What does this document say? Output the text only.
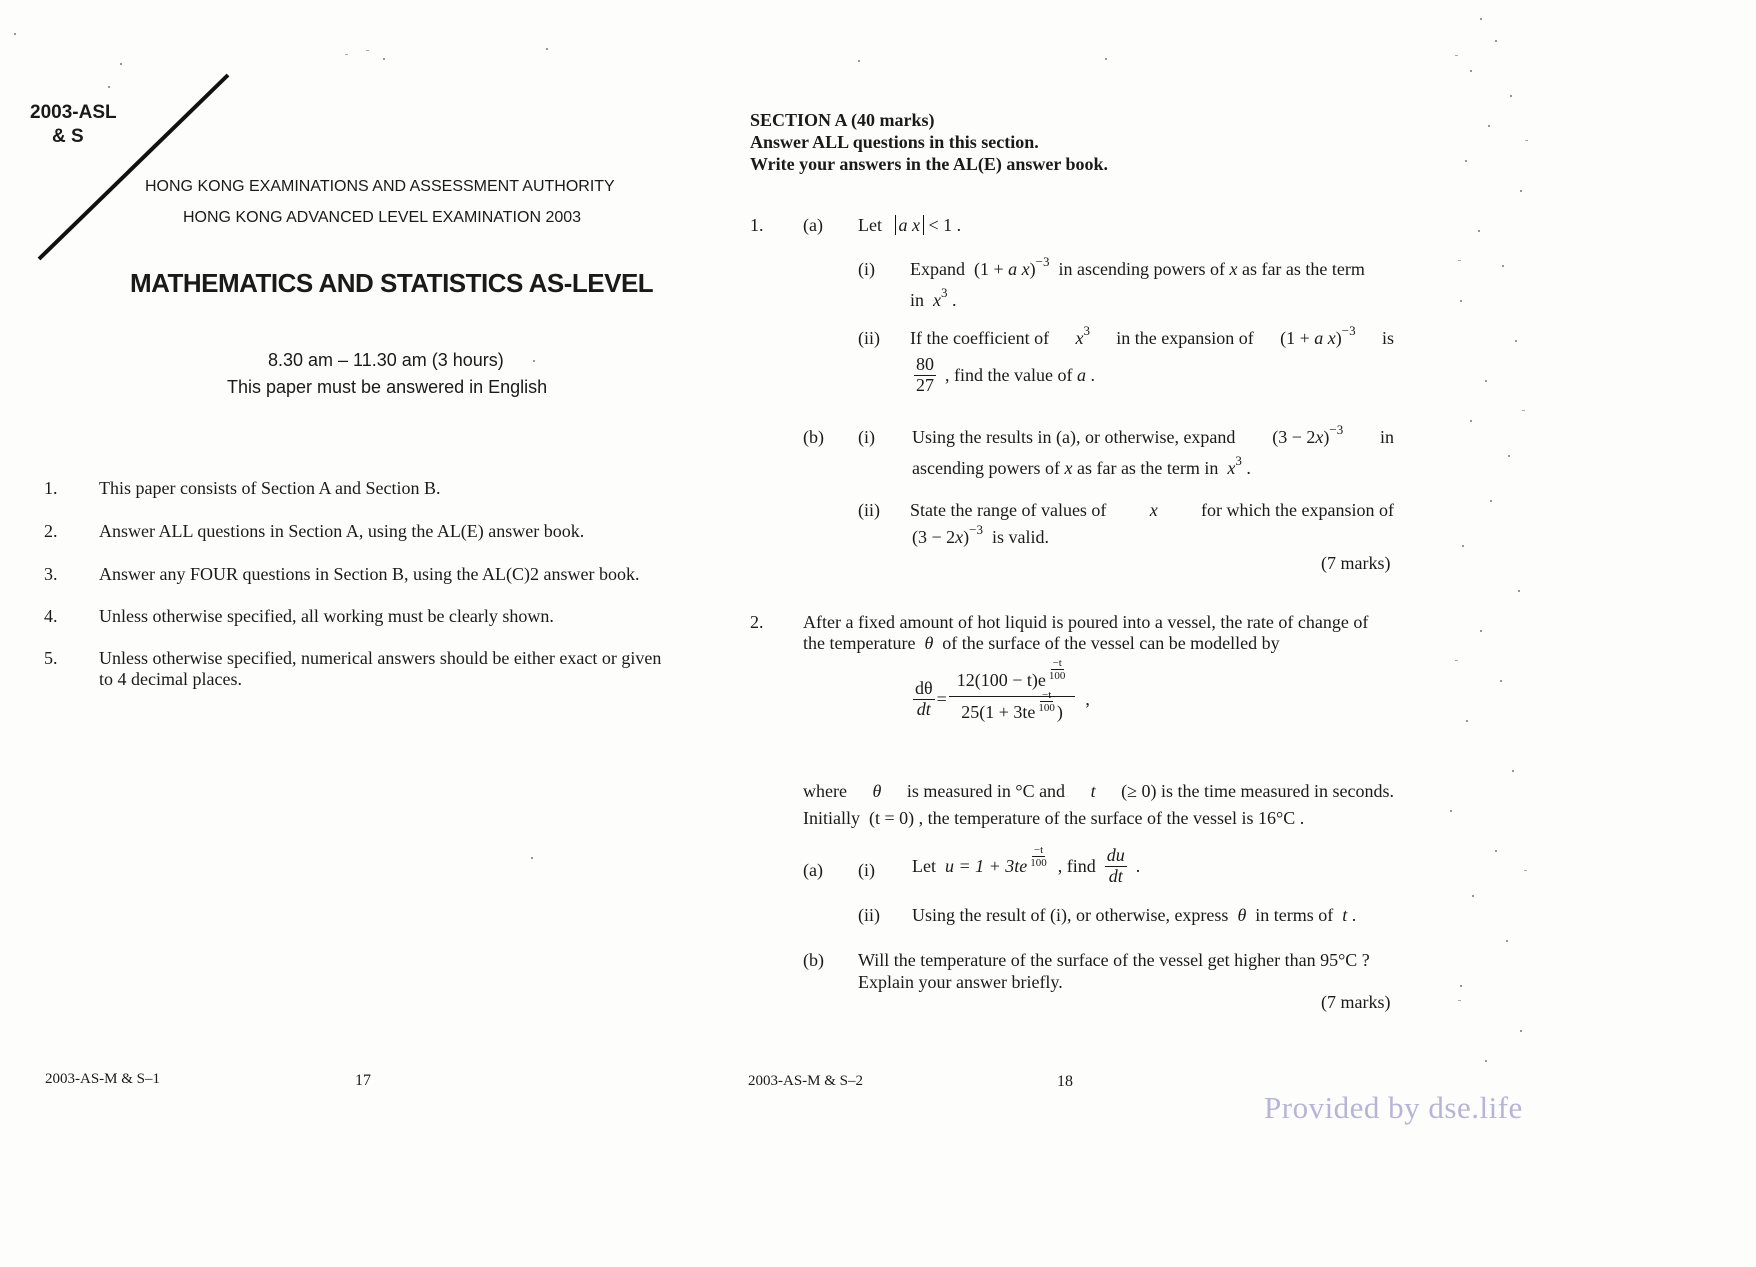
2003-ASL
& S
HONG KONG EXAMINATIONS AND ASSESSMENT AUTHORITY
HONG KONG ADVANCED LEVEL EXAMINATION 2003
MATHEMATICS AND STATISTICS AS-LEVEL
8.30 am – 11.30 am (3 hours)
This paper must be answered in English
1. This paper consists of Section A and Section B.
2. Answer ALL questions in Section A, using the AL(E) answer book.
3. Answer any FOUR questions in Section B, using the AL(C)2 answer book.
4. Unless otherwise specified, all working must be clearly shown.
5. Unless otherwise specified, numerical answers should be either exact or given
to 4 decimal places.
2003-AS-M & S–1	17
SECTION A (40 marks)
Answer ALL questions in this section.
Write your answers in the AL(E) answer book.
1. (a) Let a x < 1 .
(i) Expand  (1 + a x)$^{-3}$ in ascending powers of x as far as the term
in $x^3$ .
(ii) If the coefficient of $x^3$ in the expansion of (1 + a x)$^{-3}$ is
$\frac{80}{27}$
, find the value of
a .
(b) (i) Using the results in (a), or otherwise, expand $(3 - 2x)^{-3}$ in
ascending powers of x as far as the term in $x^3$ .
(ii) State the range of values of x for which the expansion of
$(3 - 2x)^{-3}$ is valid.
(7 marks)
2. After a fixed amount of hot liquid is poured into a vessel, the rate of change of
the temperature θ of the surface of the vessel can be modelled by
$\frac{d\theta}{dt} = \frac{12(100 - t)e \frac{-t}{100}}{25(1 + 3te \frac{-t}{100} )}$ ,
where θ is measured in °C and t (≥ 0) is the time measured in seconds.
Initially (t = 0) , the temperature of the surface of the vessel is 16°C .
(a) (i) Let
$u = 1 + 3te \frac{-t}{100}$
, find
$\frac{du}{dt}$ .
(ii) Using the result of (i), or otherwise, express θ in terms of t .
(b) Will the temperature of the surface of the vessel get higher than 95°C ?
Explain your answer briefly.
(7 marks)
2003-AS-M & S–2	18
Provided by dse.life
